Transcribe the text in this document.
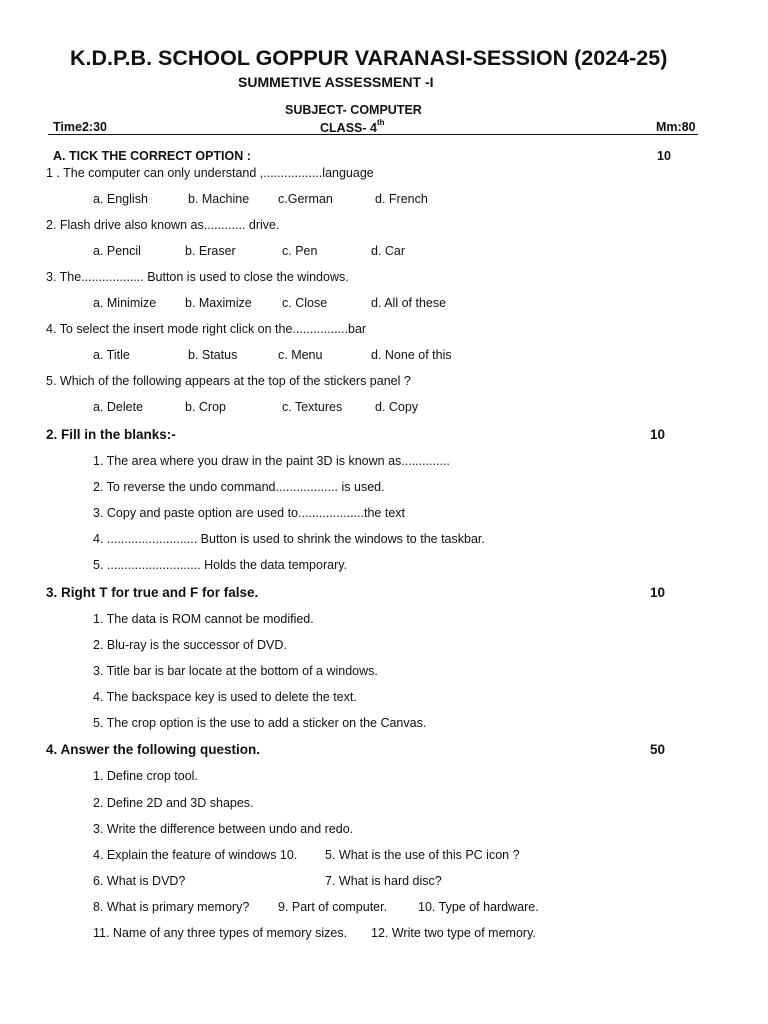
K.D.P.B. SCHOOL GOPPUR VARANASI-SESSION (2024-25)
SUMMETIVE ASSESSMENT -I
SUBJECT- COMPUTER
Time2:30	CLASS- 4th	Mm:80
A. TICK THE CORRECT OPTION :	10
1 . The computer can only understand ,.................language
a. English	b. Machine c.German	d. French
2. Flash drive also known as............ drive.
a. Pencil	b. Eraser	c. Pen	d. Car
3. The.................. Button is used to close the windows.
a. Minimize b. Maximize c. Close	d. All of these
4. To select the insert mode right click on the................bar
a. Title	b. Status	c. Menu	d. None of this
5. Which of the following appears at the top of the stickers panel ?
a. Delete	b. Crop	c. Textures	d. Copy
2. Fill in the blanks:-	10
1. The area where you draw in the paint 3D is known as..............
2. To reverse the undo command.................. is used.
3. Copy and paste option are used to...................the text
4. .......................... Button is used to shrink the windows to the taskbar.
5. ........................... Holds the data temporary.
3. Right T for true and F for false.	10
1. The data is ROM cannot be modified.
2. Blu-ray is the successor of DVD.
3. Title bar is bar locate at the bottom of a windows.
4. The backspace key is used to delete the text.
5. The crop option is the use to add a sticker on the Canvas.
4. Answer the following question.	50
1. Define crop tool.
2. Define 2D and 3D shapes.
3. Write the difference between undo and redo.
4. Explain the feature of windows 10. 5. What is the use of this PC icon ?
6. What is DVD?	7. What is hard disc?
8. What is primary memory? 9. Part of computer. 10. Type of hardware.
11. Name of any three types of memory sizes. 12. Write two type of memory.
